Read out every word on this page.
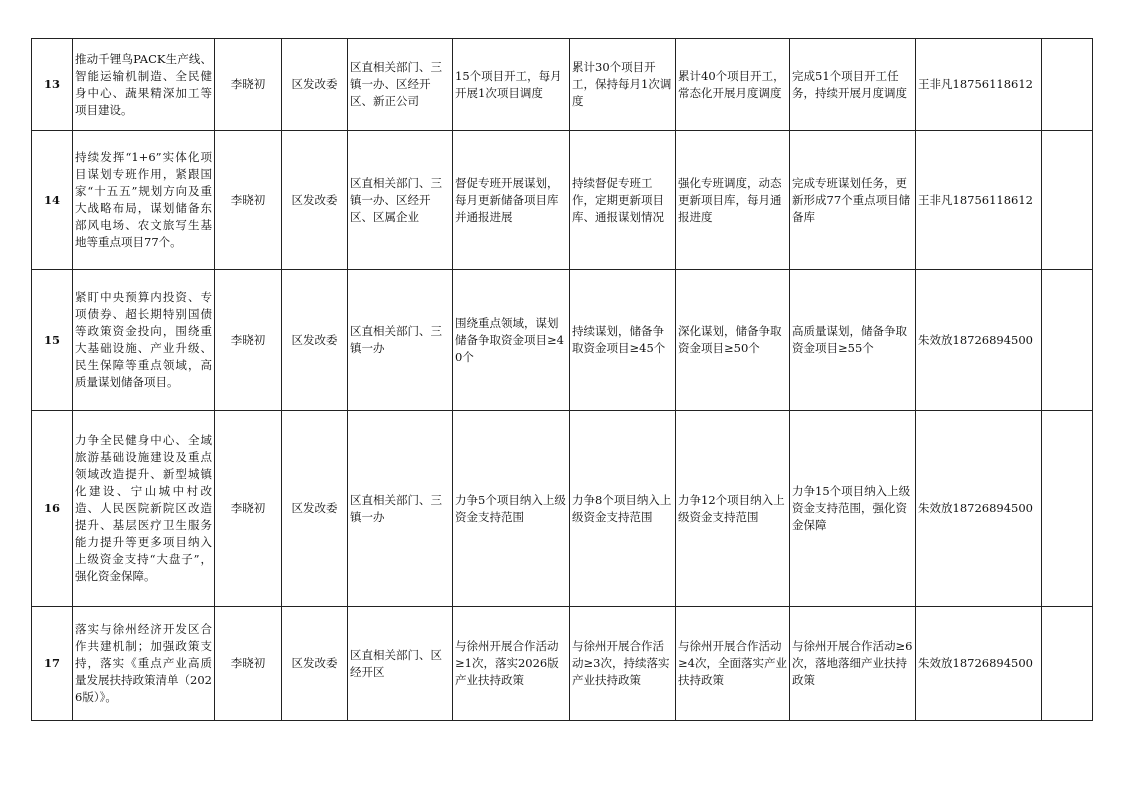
13	推动千锂鸟PACK生产线、智能运输机制造、全民健身中心、蔬果精深加工等项目建设。	李晓初	区发改委	区直相关部门、三镇一办、区经开区、新正公司	15个项目开工，每月开展1次项目调度	累计30个项目开工，保持每月1次调度	累计40个项目开工，常态化开展月度调度	完成51个项目开工任务，持续开展月度调度	王非凡18756118612	
14	持续发挥“1+6”实体化项目谋划专班作用，紧跟国家“十五五”规划方向及重大战略布局，谋划储备东部风电场、农文旅写生基地等重点项目77个。	李晓初	区发改委	区直相关部门、三镇一办、区经开区、区属企业	督促专班开展谋划，每月更新储备项目库并通报进展	持续督促专班工作，定期更新项目库、通报谋划情况	强化专班调度，动态更新项目库，每月通报进度	完成专班谋划任务，更新形成77个重点项目储备库	王非凡18756118612	
15	紧盯中央预算内投资、专项债券、超长期特别国债等政策资金投向，围绕重大基础设施、产业升级、民生保障等重点领域，高质量谋划储备项目。	李晓初	区发改委	区直相关部门、三镇一办	围绕重点领域，谋划储备争取资金项目≥40个	持续谋划，储备争取资金项目≥45个	深化谋划，储备争取资金项目≥50个	高质量谋划，储备争取资金项目≥55个	朱效放18726894500	
16	力争全民健身中心、全域旅游基础设施建设及重点领域改造提升、新型城镇化建设、宁山城中村改造、人民医院新院区改造提升、基层医疗卫生服务能力提升等更多项目纳入上级资金支持“大盘子”，强化资金保障。	李晓初	区发改委	区直相关部门、三镇一办	力争5个项目纳入上级资金支持范围	力争8个项目纳入上级资金支持范围	力争12个项目纳入上级资金支持范围	力争15个项目纳入上级资金支持范围，强化资金保障	朱效放18726894500	
17	落实与徐州经济开发区合作共建机制；加强政策支持，落实《重点产业高质量发展扶持政策清单（2026版）》。	李晓初	区发改委	区直相关部门、区经开区	与徐州开展合作活动≥1次，落实2026版产业扶持政策	与徐州开展合作活动≥3次，持续落实产业扶持政策	与徐州开展合作活动≥4次，全面落实产业扶持政策	与徐州开展合作活动≥6次，落地落细产业扶持政策	朱效放18726894500	
